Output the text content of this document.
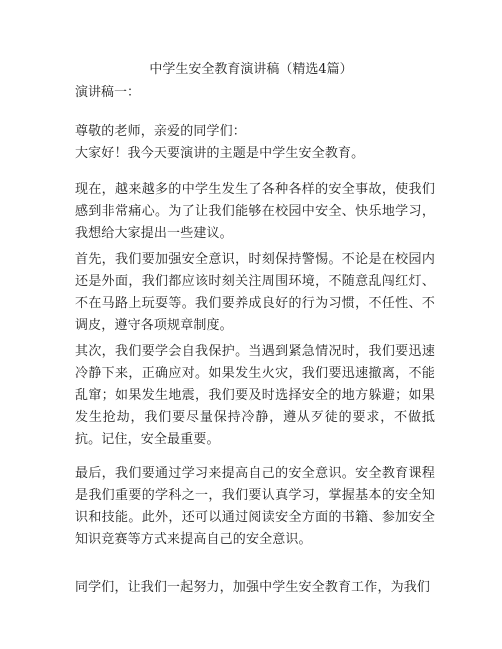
中学生安全教育演讲稿（精选4篇）
演讲稿一：

尊敬的老师，亲爱的同学们：

大家好！我今天要演讲的主题是中学生安全教育。

现在，越来越多的中学生发生了各种各样的安全事故，使我们感到非常痛心。为了让我们能够在校园中安全、快乐地学习，我想给大家提出一些建议。
首先，我们要加强安全意识，时刻保持警惕。不论是在校园内还是外面，我们都应该时刻关注周围环境，不随意乱闯红灯、不在马路上玩耍等。我们要养成良好的行为习惯，不任性、不调皮，遵守各项规章制度。
其次，我们要学会自我保护。当遇到紧急情况时，我们要迅速冷静下来，正确应对。如果发生火灾，我们要迅速撤离，不能乱窜；如果发生地震，我们要及时选择安全的地方躲避；如果发生抢劫，我们要尽量保持冷静，遵从歹徒的要求，不做抵抗。记住，安全最重要。
最后，我们要通过学习来提高自己的安全意识。安全教育课程是我们重要的学科之一，我们要认真学习，掌握基本的安全知识和技能。此外，还可以通过阅读安全方面的书籍、参加安全知识竞赛等方式来提高自己的安全意识。
同学们，让我们一起努力，加强中学生安全教育工作，为我们
